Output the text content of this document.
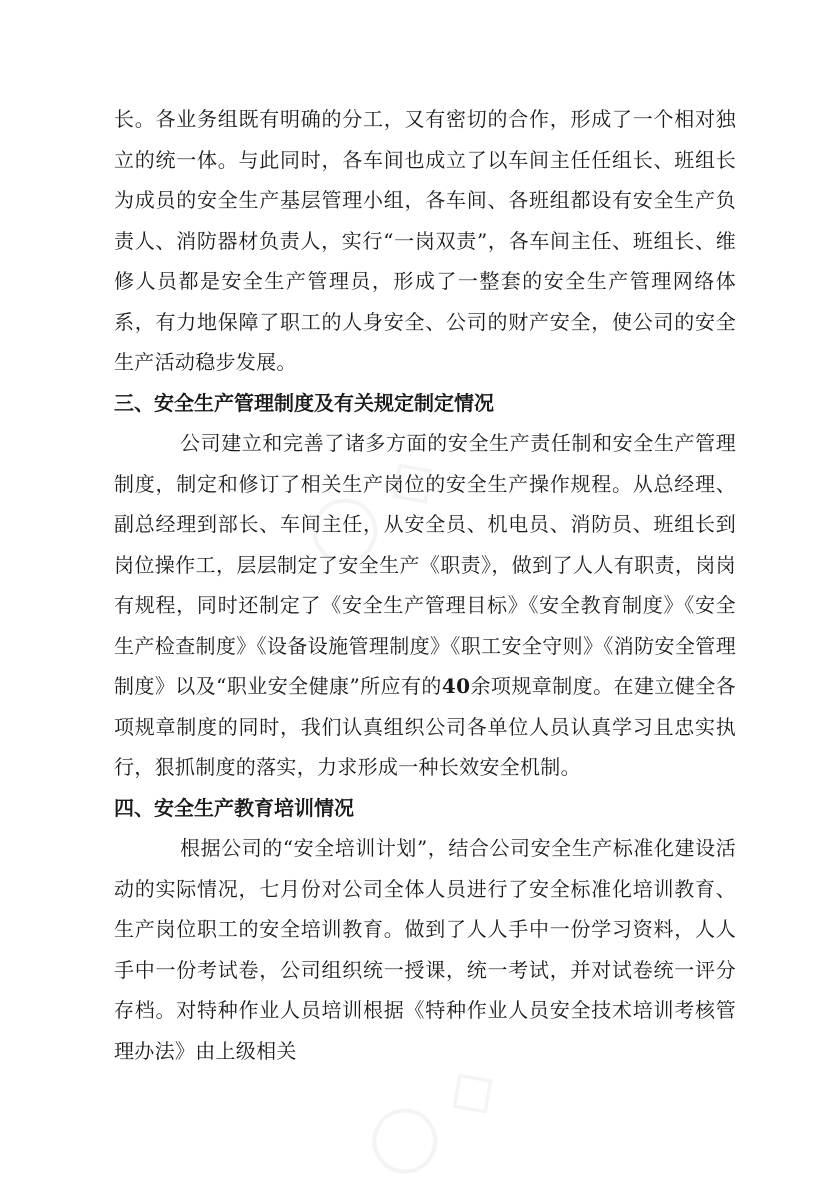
◯ ◇
◯ ◇

长。各业务组既有明确的分工，又有密切的合作，形成了一个相对独立的统一体。与此同时，各车间也成立了以车间主任任组长、班组长为成员的安全生产基层管理小组，各车间、各班组都设有安全生产负责人、消防器材负责人，实行“一岗双责”，各车间主任、班组长、维修人员都是安全生产管理员，形成了一整套的安全生产管理网络体系，有力地保障了职工的人身安全、公司的财产安全，使公司的安全生产活动稳步发展。

三、安全生产管理制度及有关规定制定情况

公司建立和完善了诸多方面的安全生产责任制和安全生产管理制度，制定和修订了相关生产岗位的安全生产操作规程。从总经理、副总经理到部长、车间主任，从安全员、机电员、消防员、班组长到岗位操作工，层层制定了安全生产《职责》，做到了人人有职责，岗岗有规程，同时还制定了《安全生产管理目标》《安全教育制度》《安全生产检查制度》《设备设施管理制度》《职工安全守则》《消防安全管理制度》以及“职业安全健康”所应有的40余项规章制度。在建立健全各项规章制度的同时，我们认真组织公司各单位人员认真学习且忠实执行，狠抓制度的落实，力求形成一种长效安全机制。

四、安全生产教育培训情况

根据公司的“安全培训计划”，结合公司安全生产标准化建设活动的实际情况，七月份对公司全体人员进行了安全标准化培训教育、生产岗位职工的安全培训教育。做到了人人手中一份学习资料，人人手中一份考试卷，公司组织统一授课，统一考试，并对试卷统一评分存档。对特种作业人员培训根据《特种作业人员安全技术培训考核管理办法》由上级相关
